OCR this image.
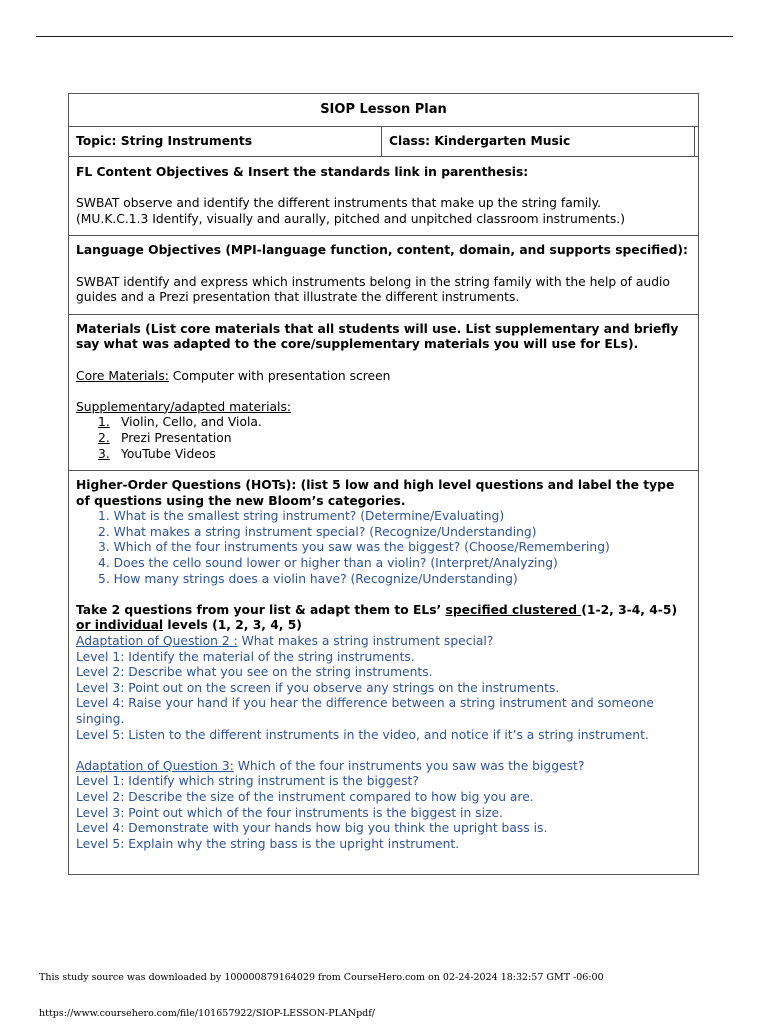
SIOP Lesson Plan
Topic: String Instruments	Class: Kindergarten Music
FL Content Objectives & Insert the standards link in parenthesis:
SWBAT observe and identify the different instruments that make up the string family.
(MU.K.C.1.3 Identify, visually and aurally, pitched and unpitched classroom instruments.)
Language Objectives (MPI-language function, content, domain, and supports specified):
SWBAT identify and express which instruments belong in the string family with the help of audio guides and a Prezi presentation that illustrate the different instruments.
Materials (List core materials that all students will use. List supplementary and briefly say what was adapted to the core/supplementary materials you will use for ELs).
Core Materials: Computer with presentation screen
Supplementary/adapted materials:
1. Violin, Cello, and Viola.
2. Prezi Presentation
3. YouTube Videos
Higher-Order Questions (HOTs): (list 5 low and high level questions and label the type of questions using the new Bloom’s categories.
1. What is the smallest string instrument? (Determine/Evaluating)
2. What makes a string instrument special? (Recognize/Understanding)
3. Which of the four instruments you saw was the biggest? (Choose/Remembering)
4. Does the cello sound lower or higher than a violin? (Interpret/Analyzing)
5. How many strings does a violin have? (Recognize/Understanding)
Take 2 questions from your list & adapt them to ELs’ specified clustered (1-2, 3-4, 4-5) or individual levels (1, 2, 3, 4, 5)
Adaptation of Question 2 : What makes a string instrument special?
Level 1: Identify the material of the string instruments.
Level 2: Describe what you see on the string instruments.
Level 3: Point out on the screen if you observe any strings on the instruments.
Level 4: Raise your hand if you hear the difference between a string instrument and someone singing.
Level 5: Listen to the different instruments in the video, and notice if it’s a string instrument.
Adaptation of Question 3: Which of the four instruments you saw was the biggest?
Level 1: Identify which string instrument is the biggest?
Level 2: Describe the size of the instrument compared to how big you are.
Level 3: Point out which of the four instruments is the biggest in size.
Level 4: Demonstrate with your hands how big you think the upright bass is.
Level 5: Explain why the string bass is the upright instrument.
This study source was downloaded by 100000879164029 from CourseHero.com on 02-24-2024 18:32:57 GMT -06:00
https://www.coursehero.com/file/101657922/SIOP-LESSON-PLANpdf/
